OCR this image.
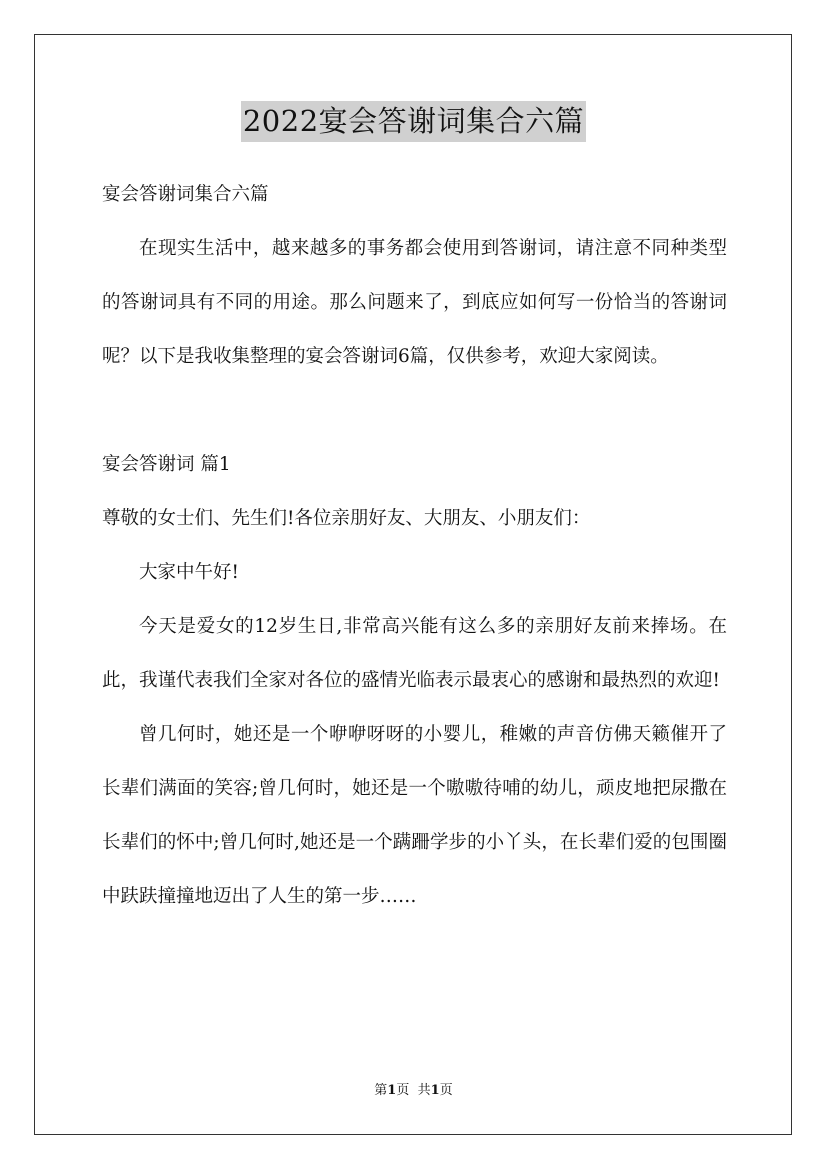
2022宴会答谢词集合六篇

宴会答谢词集合六篇

在现实生活中，越来越多的事务都会使用到答谢词，请注意不同种类型的答谢词具有不同的用途。那么问题来了，到底应如何写一份恰当的答谢词呢？以下是我收集整理的宴会答谢词6篇，仅供参考，欢迎大家阅读。

宴会答谢词 篇1

尊敬的女士们、先生们!各位亲朋好友、大朋友、小朋友们：

大家中午好!

今天是爱女的12岁生日,非常高兴能有这么多的亲朋好友前来捧场。在此，我谨代表我们全家对各位的盛情光临表示最衷心的感谢和最热烈的欢迎!

曾几何时，她还是一个咿咿呀呀的小婴儿，稚嫩的声音仿佛天籁催开了长辈们满面的笑容;曾几何时，她还是一个嗷嗷待哺的幼儿，顽皮地把尿撒在长辈们的怀中;曾几何时,她还是一个蹒跚学步的小丫头，在长辈们爱的包围圈中趺趺撞撞地迈出了人生的第一步……

第1页 共1页
